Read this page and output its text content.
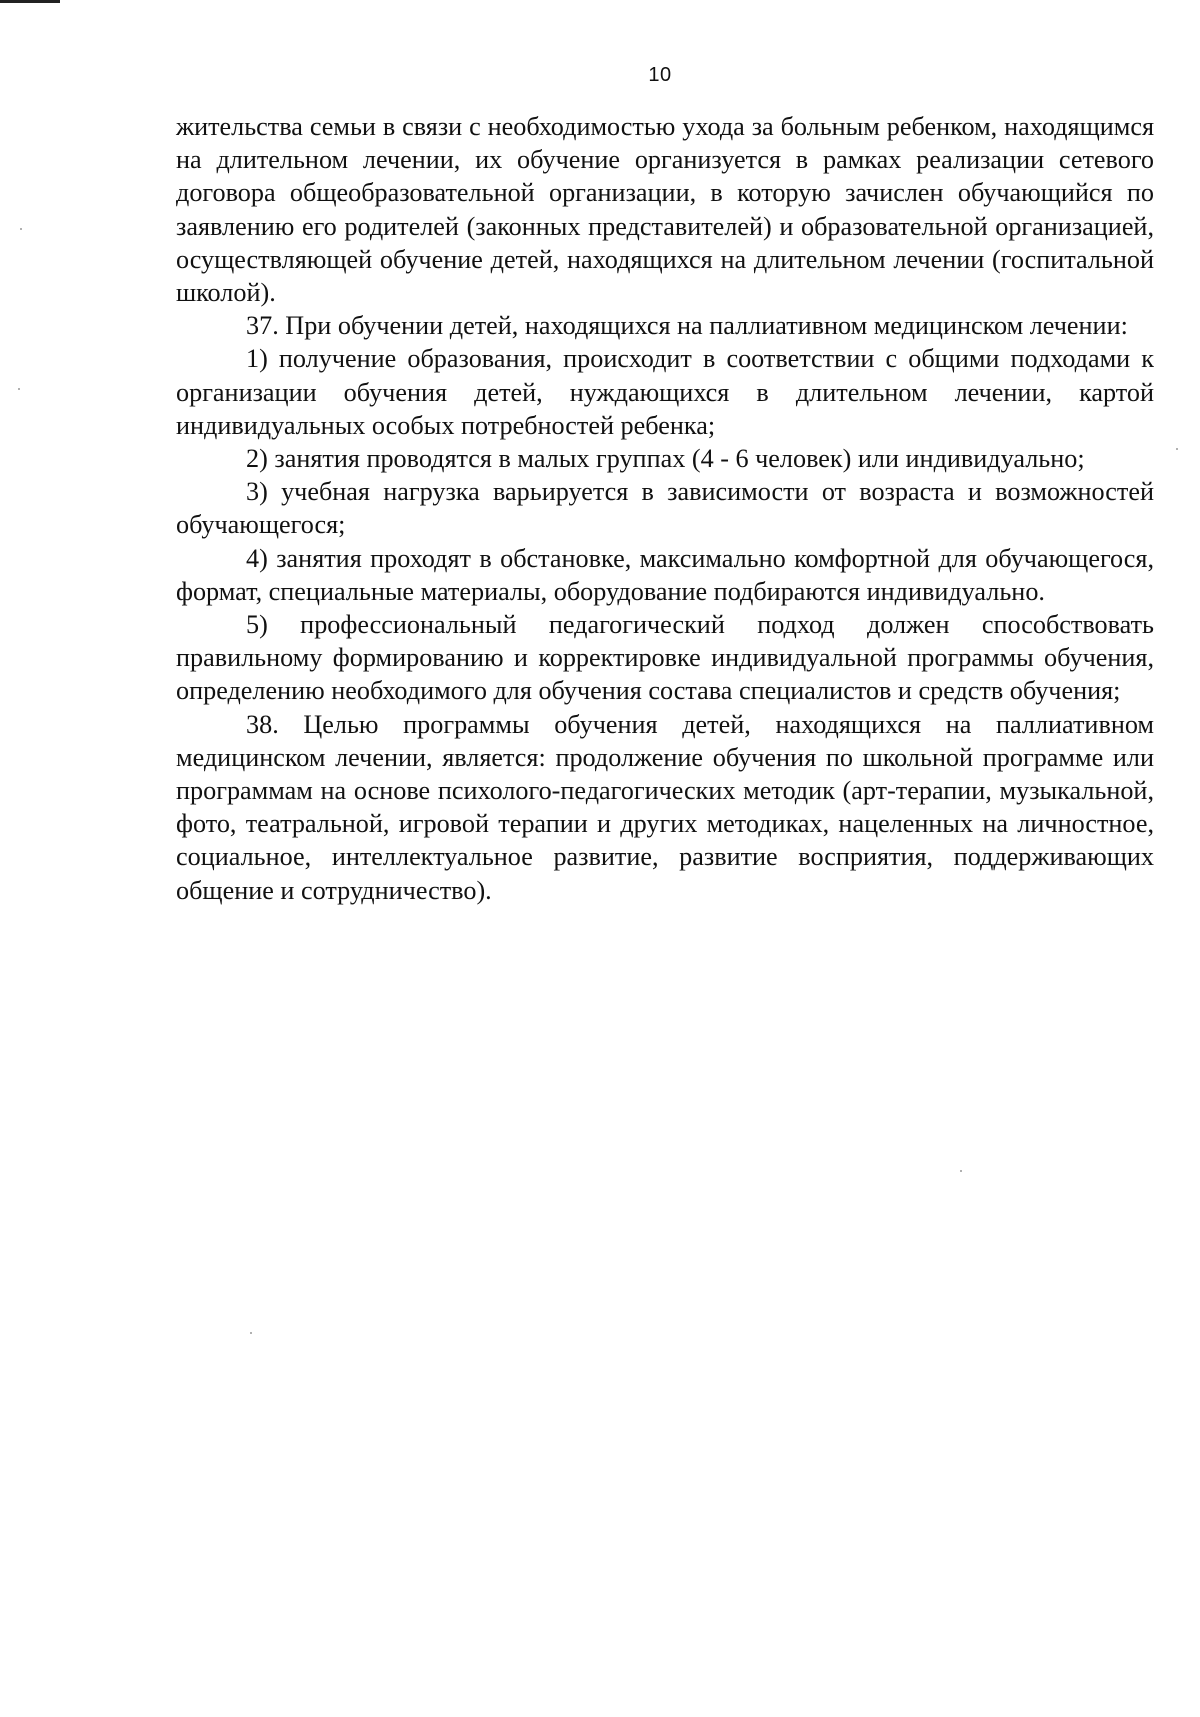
10

жительства семьи в связи с необходимостью ухода за больным ребенком, находящимся на длительном лечении, их обучение организуется в рамках реализации сетевого договора общеобразовательной организации, в которую зачислен обучающийся по заявлению его родителей (законных представителей) и образовательной организацией, осуществляющей обучение детей, находящихся на длительном лечении (госпитальной школой).

37. При обучении детей, находящихся на паллиативном медицинском лечении:

1) получение образования, происходит в соответствии с общими подходами к организации обучения детей, нуждающихся в длительном лечении, картой индивидуальных особых потребностей ребенка;

2) занятия проводятся в малых группах (4 - 6 человек) или индивидуально;

3) учебная нагрузка варьируется в зависимости от возраста и возможностей обучающегося;

4) занятия проходят в обстановке, максимально комфортной для обучающегося, формат, специальные материалы, оборудование подбираются индивидуально.

5) профессиональный педагогический подход должен способствовать правильному формированию и корректировке индивидуальной программы обучения, определению необходимого для обучения состава специалистов и средств обучения;

38. Целью программы обучения детей, находящихся на паллиативном медицинском лечении, является: продолжение обучения по школьной программе или программам на основе психолого-педагогических методик (арт-терапии, музыкальной, фото, театральной, игровой терапии и других методиках, нацеленных на личностное, социальное, интеллектуальное развитие, развитие восприятия, поддерживающих общение и сотрудничество).
